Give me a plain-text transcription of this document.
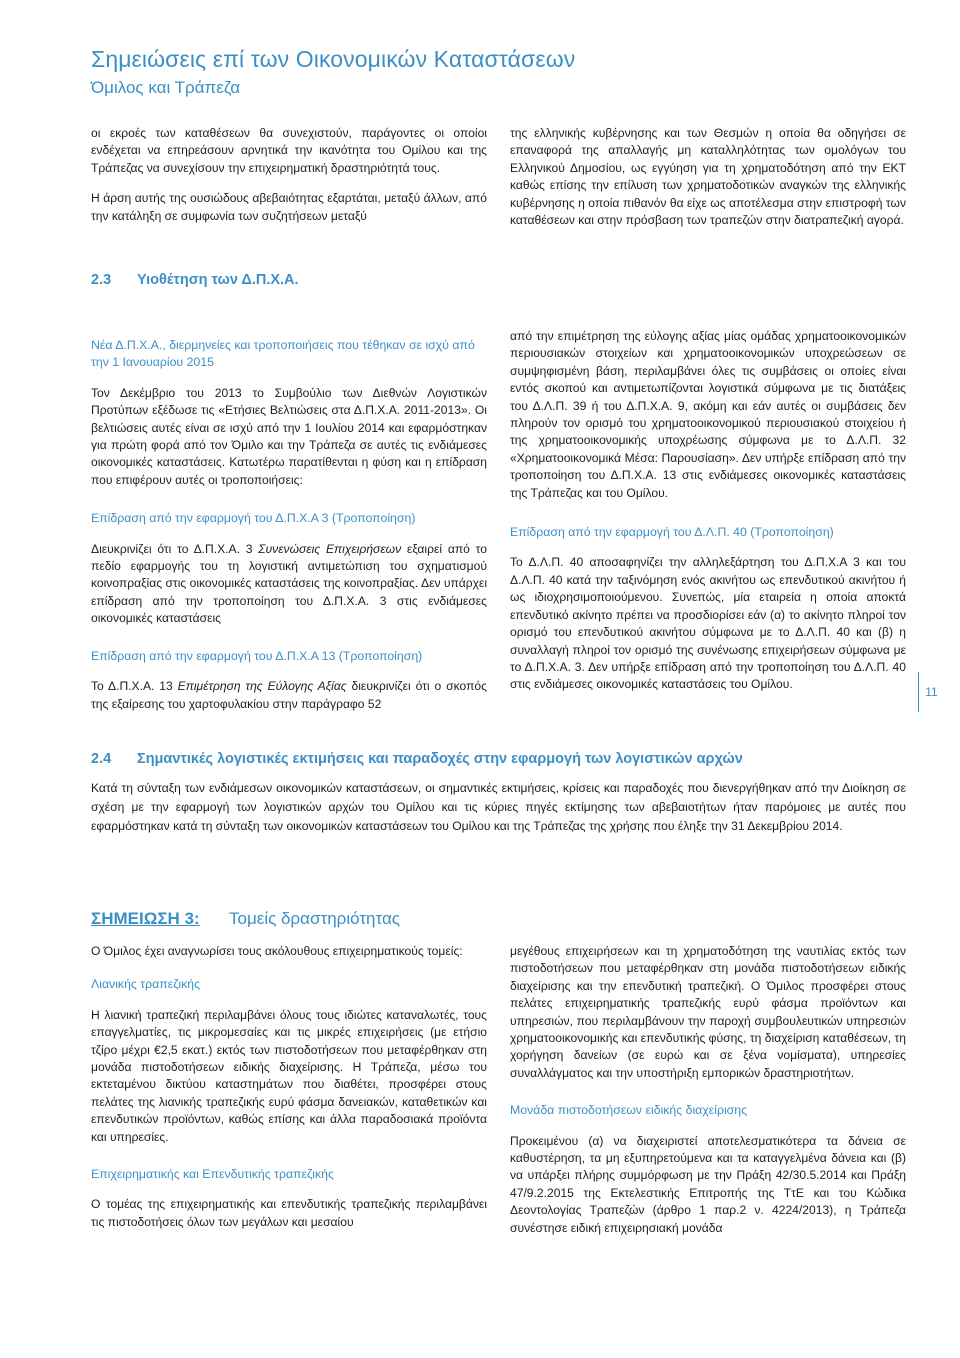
Σημειώσεις επί των Οικονομικών Καταστάσεων
Όμιλος και Τράπεζα

οι εκροές των καταθέσεων θα συνεχιστούν, παράγοντες οι οποίοι ενδέχεται να επηρεάσουν αρνητικά την ικανότητα του Ομίλου και της Τράπεζας να συνεχίσουν την επιχειρηματική δραστηριότητά τους.

Η άρση αυτής της ουσιώδους αβεβαιότητας εξαρτάται, μεταξύ άλλων, από την κατάληξη σε συμφωνία των συζητήσεων μεταξύ

της ελληνικής κυβέρνησης και των Θεσμών η οποία θα οδηγήσει σε επαναφορά της απαλλαγής μη καταλληλότητας των ομολόγων του Ελληνικού Δημοσίου, ως εγγύηση για τη χρηματοδότηση από την ΕΚΤ καθώς επίσης την επίλυση των χρηματοδοτικών αναγκών της ελληνικής κυβέρνησης η οποία πιθανόν θα είχε ως αποτέλεσμα στην επιστροφή των καταθέσεων και στην πρόσβαση των τραπεζών στην διατραπεζική αγορά.

2.3 Υιοθέτηση των Δ.Π.Χ.Α.
Νέα Δ.Π.Χ.Α., διερμηνείες και τροποποιήσεις που τέθηκαν σε ισχύ από την 1 Ιανουαρίου 2015

Τον Δεκέμβριο του 2013 το Συμβούλιο των Διεθνών Λογιστικών Προτύπων εξέδωσε τις «Ετήσιες Βελτιώσεις στα Δ.Π.Χ.Α. 2011-2013». Οι βελτιώσεις αυτές είναι σε ισχύ από την 1 Ιουλίου 2014 και εφαρμόστηκαν για πρώτη φορά από τον Όμιλο και την Τράπεζα σε αυτές τις ενδιάμεσες οικονομικές καταστάσεις. Κατωτέρω παρατίθενται η φύση και η επίδραση που επιφέρουν αυτές οι τροποποιήσεις:

Επίδραση από την εφαρμογή του Δ.Π.Χ.Α 3 (Τροποποίηση)

Διευκρινίζει ότι το Δ.Π.Χ.Α. 3 Συνενώσεις Επιχειρήσεων εξαιρεί από το πεδίο εφαρμογής του τη λογιστική αντιμετώπιση του σχηματισμού κοινοπραξίας στις οικονομικές καταστάσεις της κοινοπραξίας. Δεν υπάρχει επίδραση από την τροποποίηση του Δ.Π.Χ.Α. 3 στις ενδιάμεσες οικονομικές καταστάσεις

Επίδραση από την εφαρμογή του Δ.Π.Χ.Α 13 (Τροποποίηση)

Το Δ.Π.Χ.Α. 13 Επιμέτρηση της Εύλογης Αξίας διευκρινίζει ότι ο σκοπός της εξαίρεσης του χαρτοφυλακίου στην παράγραφο 52

από την επιμέτρηση της εύλογης αξίας μίας ομάδας χρηματοοικονομικών περιουσιακών στοιχείων και χρηματοοικονομικών υποχρεώσεων σε συμψηφισμένη βάση, περιλαμβάνει όλες τις συμβάσεις οι οποίες είναι εντός σκοπού και αντιμετωπίζονται λογιστικά σύμφωνα με τις διατάξεις του Δ.Λ.Π. 39 ή του Δ.Π.Χ.Α. 9, ακόμη και εάν αυτές οι συμβάσεις δεν πληρούν τον ορισμό του χρηματοοικονομικού περιουσιακού στοιχείου ή της χρηματοοικονομικής υποχρέωσης σύμφωνα με το Δ.Λ.Π. 32 «Χρηματοοικονομικά Μέσα: Παρουσίαση». Δεν υπήρξε επίδραση από την τροποποίηση του Δ.Π.Χ.Α. 13 στις ενδιάμεσες οικονομικές καταστάσεις της Τράπεζας και του Ομίλου.

Επίδραση από την εφαρμογή του Δ.Λ.Π. 40 (Τροποποίηση)

Το Δ.Λ.Π. 40 αποσαφηνίζει την αλληλεξάρτηση του Δ.Π.Χ.Α 3 και του Δ.Λ.Π. 40 κατά την ταξινόμηση ενός ακινήτου ως επενδυτικού ακινήτου ή ως ιδιοχρησιμοποιούμενου. Συνεπώς, μία εταιρεία η οποία αποκτά επενδυτικό ακίνητο πρέπει να προσδιορίσει εάν (α) το ακίνητο πληροί τον ορισμό του επενδυτικού ακινήτου σύμφωνα με το Δ.Λ.Π. 40 και (β) η συναλλαγή πληροί τον ορισμό της συνένωσης επιχειρήσεων σύμφωνα με το Δ.Π.Χ.Α. 3. Δεν υπήρξε επίδραση από την τροποποίηση του Δ.Λ.Π. 40 στις ενδιάμεσες οικονομικές καταστάσεις του Ομίλου.

11
2.4 Σημαντικές λογιστικές εκτιμήσεις και παραδοχές στην εφαρμογή των λογιστικών αρχών
Κατά τη σύνταξη των ενδιάμεσων οικονομικών καταστάσεων, οι σημαντικές εκτιμήσεις, κρίσεις και παραδοχές που διενεργήθηκαν από την Διοίκηση σε σχέση με την εφαρμογή των λογιστικών αρχών του Ομίλου και τις κύριες πηγές εκτίμησης των αβεβαιοτήτων ήταν παρόμοιες με αυτές που εφαρμόστηκαν κατά τη σύνταξη των οικονομικών καταστάσεων του Ομίλου και της Τράπεζας της χρήσης που έληξε την 31 Δεκεμβρίου 2014.
ΣΗΜΕΙΩΣΗ 3: Τομείς δραστηριότητας

Ο Όμιλος έχει αναγνωρίσει τους ακόλουθους επιχειρηματικούς τομείς:

Λιανικής τραπεζικής

Η λιανική τραπεζική περιλαμβάνει όλους τους ιδιώτες καταναλωτές, τους επαγγελματίες, τις μικρομεσαίες και τις μικρές επιχειρήσεις (με ετήσιο τζίρο μέχρι €2,5 εκατ.) εκτός των πιστοδοτήσεων που μεταφέρθηκαν στη μονάδα πιστοδοτήσεων ειδικής διαχείρισης. Η Τράπεζα, μέσω του εκτεταμένου δικτύου καταστημάτων που διαθέτει, προσφέρει στους πελάτες της λιανικής τραπεζικής ευρύ φάσμα δανειακών, καταθετικών και επενδυτικών προϊόντων, καθώς επίσης και άλλα παραδοσιακά προϊόντα και υπηρεσίες.

Επιχειρηματικής και Επενδυτικής τραπεζικής

Ο τομέας της επιχειρηματικής και επενδυτικής τραπεζικής περιλαμβάνει τις πιστοδοτήσεις όλων των μεγάλων και μεσαίου

μεγέθους επιχειρήσεων και τη χρηματοδότηση της ναυτιλίας εκτός των πιστοδοτήσεων που μεταφέρθηκαν στη μονάδα πιστοδοτήσεων ειδικής διαχείρισης και την επενδυτική τραπεζική. Ο Όμιλος προσφέρει στους πελάτες επιχειρηματικής τραπεζικής ευρύ φάσμα προϊόντων και υπηρεσιών, που περιλαμβάνουν την παροχή συμβουλευτικών υπηρεσιών χρηματοοικονομικής και επενδυτικής φύσης, τη διαχείριση καταθέσεων, τη χορήγηση δανείων (σε ευρώ και σε ξένα νομίσματα), υπηρεσίες συναλλάγματος και την υποστήριξη εμπορικών δραστηριοτήτων.

Μονάδα πιστοδοτήσεων ειδικής διαχείρισης

Προκειμένου (α) να διαχειριστεί αποτελεσματικότερα τα δάνεια σε καθυστέρηση, τα μη εξυπηρετούμενα και τα καταγγελμένα δάνεια και (β) να υπάρξει πλήρης συμμόρφωση με την Πράξη 42/30.5.2014 και Πράξη 47/9.2.2015 της Εκτελεστικής Επιτροπής της ΤτΕ και του Κώδικα Δεοντολογίας Τραπεζών (άρθρο 1 παρ.2 ν. 4224/2013), η Τράπεζα συνέστησε ειδική επιχειρησιακή μονάδα
